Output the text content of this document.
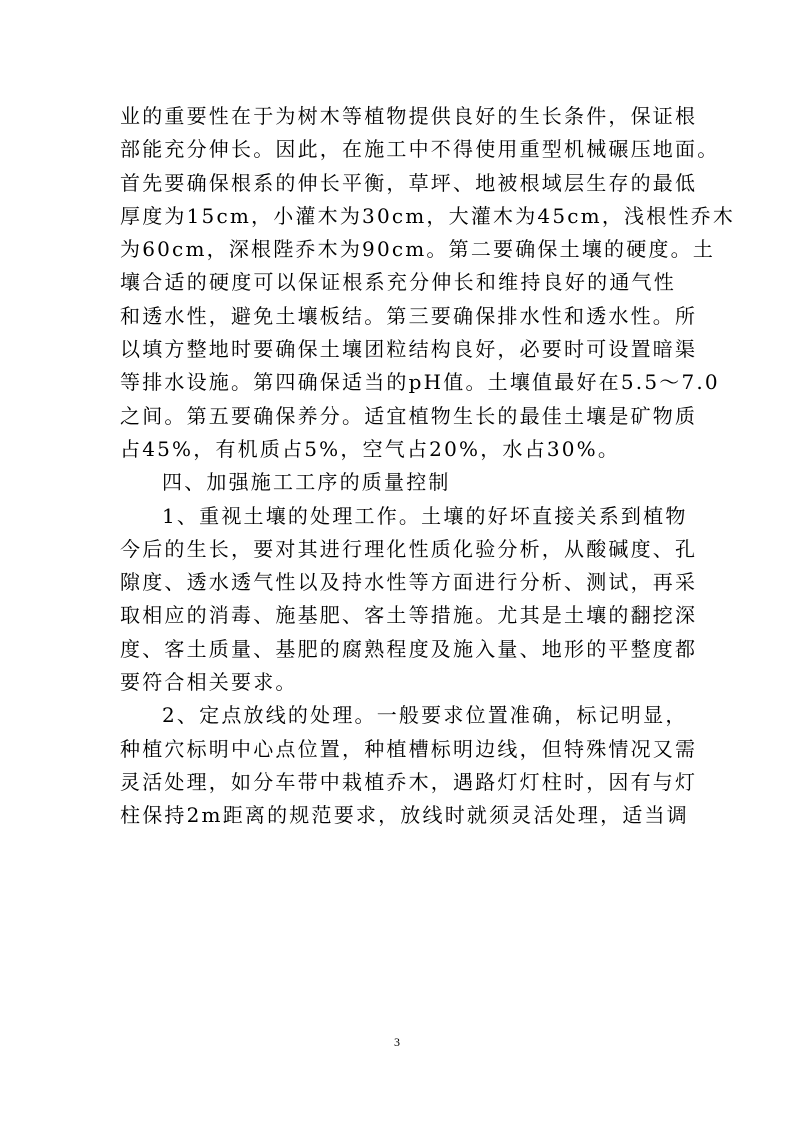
业的重要性在于为树木等植物提供良好的生长条件，保证根
部能充分伸长。因此，在施工中不得使用重型机械碾压地面。
首先要确保根系的伸长平衡，草坪、地被根域层生存的最低
厚度为15cm，小灌木为30cm，大灌木为45cm，浅根性乔木
为60cm，深根陛乔木为90cm。第二要确保土壤的硬度。土
壤合适的硬度可以保证根系充分伸长和维持良好的通气性
和透水性，避免土壤板结。第三要确保排水性和透水性。所
以填方整地时要确保土壤团粒结构良好，必要时可设置暗渠
等排水设施。第四确保适当的pH值。土壤值最好在5.5～7.0
之间。第五要确保养分。适宜植物生长的最佳土壤是矿物质
占45%，有机质占5%，空气占20%，水占30%。
四、加强施工工序的质量控制
1、重视土壤的处理工作。土壤的好坏直接关系到植物
今后的生长，要对其进行理化性质化验分析，从酸碱度、孔
隙度、透水透气性以及持水性等方面进行分析、测试，再采
取相应的消毒、施基肥、客土等措施。尤其是土壤的翻挖深
度、客土质量、基肥的腐熟程度及施入量、地形的平整度都
要符合相关要求。
2、定点放线的处理。一般要求位置准确，标记明显，
种植穴标明中心点位置，种植槽标明边线，但特殊情况又需
灵活处理，如分车带中栽植乔木，遇路灯灯柱时，因有与灯
柱保持2m距离的规范要求，放线时就须灵活处理，适当调
3
